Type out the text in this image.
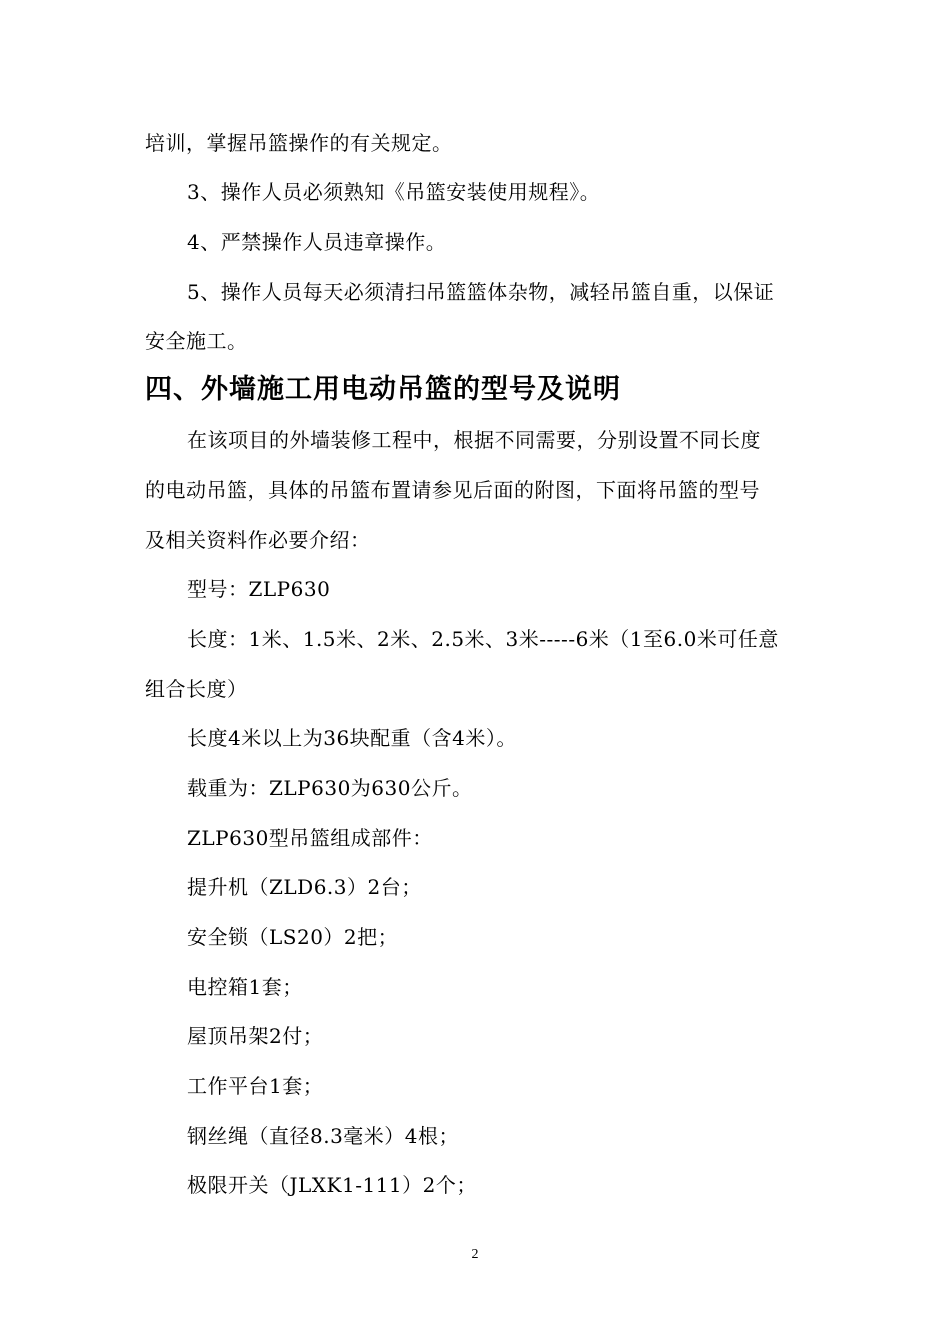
培训，掌握吊篮操作的有关规定。
3、操作人员必须熟知《吊篮安装使用规程》。
4、严禁操作人员违章操作。
5、操作人员每天必须清扫吊篮篮体杂物，减轻吊篮自重，以保证
安全施工。
四、外墙施工用电动吊篮的型号及说明
在该项目的外墙装修工程中，根据不同需要，分别设置不同长度
的电动吊篮，具体的吊篮布置请参见后面的附图，下面将吊篮的型号
及相关资料作必要介绍：
型号：ZLP630
长度：1米、1.5米、2米、2.5米、3米-----6米（1至6.0米可任意
组合长度）
长度4米以上为36块配重（含4米）。
载重为：ZLP630为630公斤。
ZLP630型吊篮组成部件：
提升机（ZLD6.3）2台；
安全锁（LS20）2把；
电控箱1套；
屋顶吊架2付；
工作平台1套；
钢丝绳（直径8.3毫米）4根；
极限开关（JLXK1-111）2个；
2
